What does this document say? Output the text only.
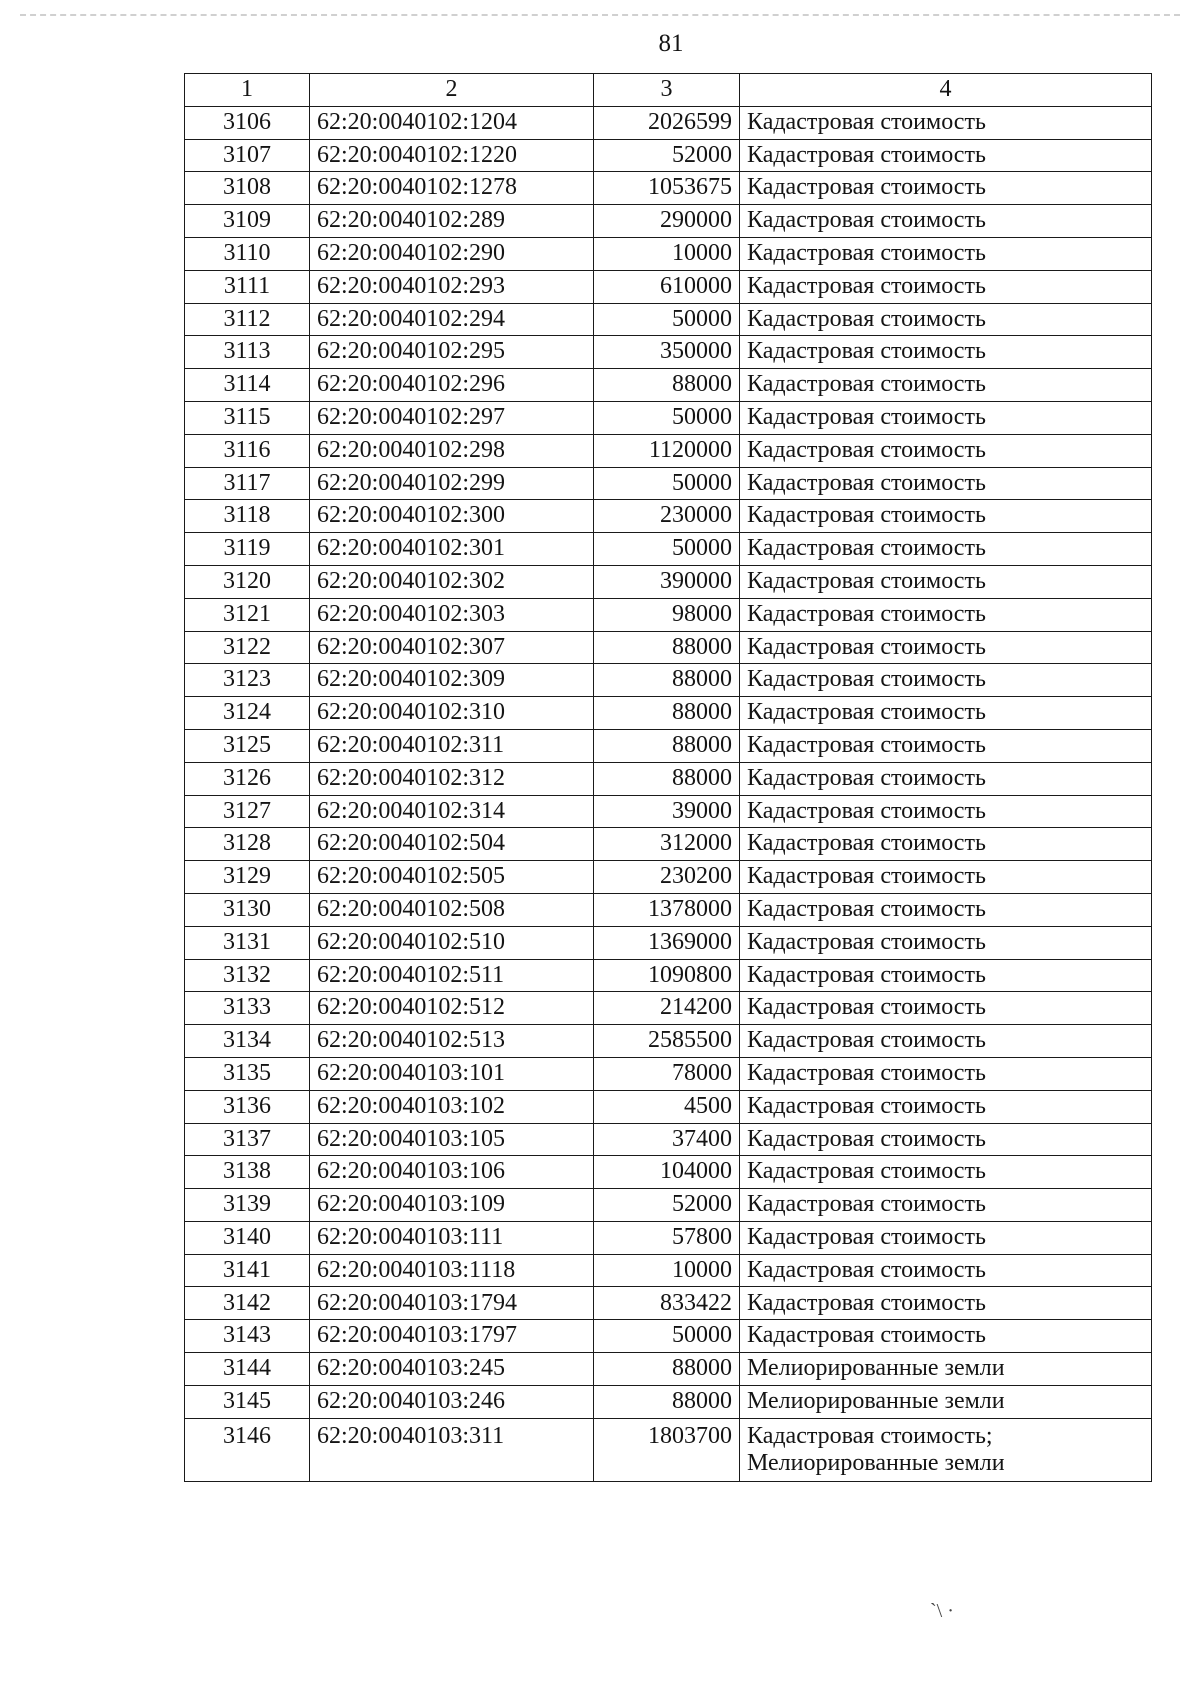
81
1	2	3	4
3106	62:20:0040102:1204	2026599	Кадастровая стоимость
3107	62:20:0040102:1220	52000	Кадастровая стоимость
3108	62:20:0040102:1278	1053675	Кадастровая стоимость
3109	62:20:0040102:289	290000	Кадастровая стоимость
3110	62:20:0040102:290	10000	Кадастровая стоимость
3111	62:20:0040102:293	610000	Кадастровая стоимость
3112	62:20:0040102:294	50000	Кадастровая стоимость
3113	62:20:0040102:295	350000	Кадастровая стоимость
3114	62:20:0040102:296	88000	Кадастровая стоимость
3115	62:20:0040102:297	50000	Кадастровая стоимость
3116	62:20:0040102:298	1120000	Кадастровая стоимость
3117	62:20:0040102:299	50000	Кадастровая стоимость
3118	62:20:0040102:300	230000	Кадастровая стоимость
3119	62:20:0040102:301	50000	Кадастровая стоимость
3120	62:20:0040102:302	390000	Кадастровая стоимость
3121	62:20:0040102:303	98000	Кадастровая стоимость
3122	62:20:0040102:307	88000	Кадастровая стоимость
3123	62:20:0040102:309	88000	Кадастровая стоимость
3124	62:20:0040102:310	88000	Кадастровая стоимость
3125	62:20:0040102:311	88000	Кадастровая стоимость
3126	62:20:0040102:312	88000	Кадастровая стоимость
3127	62:20:0040102:314	39000	Кадастровая стоимость
3128	62:20:0040102:504	312000	Кадастровая стоимость
3129	62:20:0040102:505	230200	Кадастровая стоимость
3130	62:20:0040102:508	1378000	Кадастровая стоимость
3131	62:20:0040102:510	1369000	Кадастровая стоимость
3132	62:20:0040102:511	1090800	Кадастровая стоимость
3133	62:20:0040102:512	214200	Кадастровая стоимость
3134	62:20:0040102:513	2585500	Кадастровая стоимость
3135	62:20:0040103:101	78000	Кадастровая стоимость
3136	62:20:0040103:102	4500	Кадастровая стоимость
3137	62:20:0040103:105	37400	Кадастровая стоимость
3138	62:20:0040103:106	104000	Кадастровая стоимость
3139	62:20:0040103:109	52000	Кадастровая стоимость
3140	62:20:0040103:111	57800	Кадастровая стоимость
3141	62:20:0040103:1118	10000	Кадастровая стоимость
3142	62:20:0040103:1794	833422	Кадастровая стоимость
3143	62:20:0040103:1797	50000	Кадастровая стоимость
3144	62:20:0040103:245	88000	Мелиорированные земли
3145	62:20:0040103:246	88000	Мелиорированные земли
3146	62:20:0040103:311	1803700	Кадастровая стоимость;
Мелиорированные земли
`\ ·
